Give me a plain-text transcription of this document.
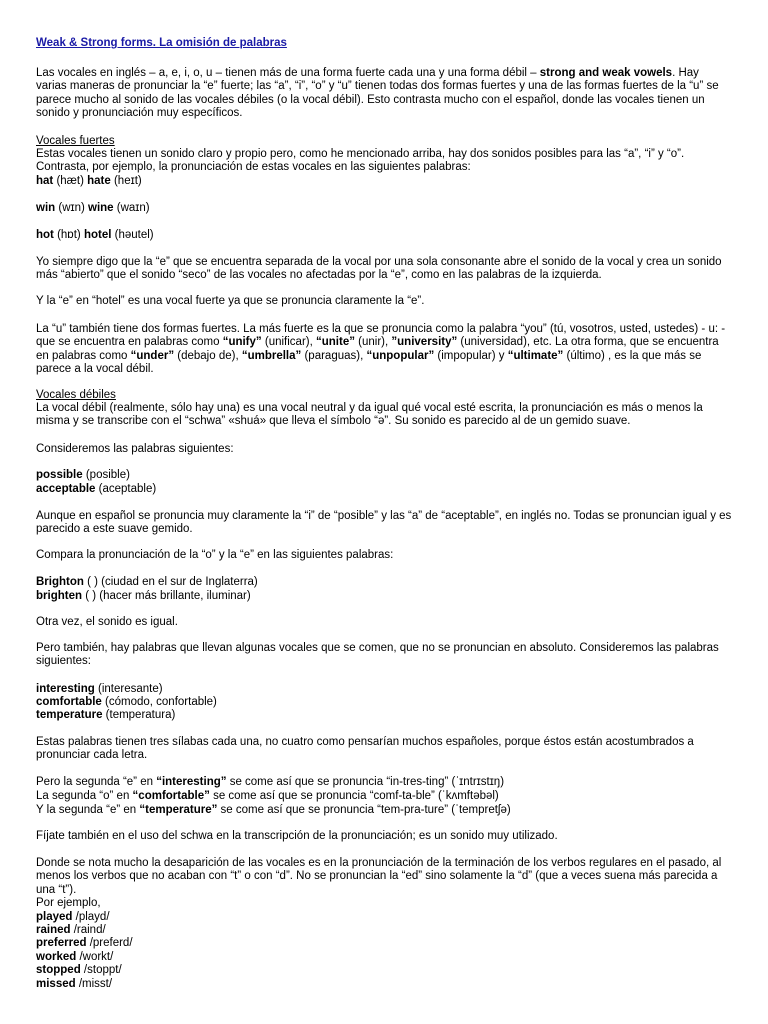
Weak & Strong forms. La omisión de palabras

Las vocales en inglés – a, e, i, o, u – tienen más de una forma fuerte cada una y una forma débil – strong and weak vowels. Hay varias maneras de pronunciar la “e” fuerte; las “a”, “i”, “o” y “u” tienen todas dos formas fuertes y una de las formas fuertes de la “u” se parece mucho al sonido de las vocales débiles (o la vocal débil). Esto contrasta mucho con el español, donde las vocales tienen un sonido y pronunciación muy específicos.

Vocales fuertes

Estas vocales tienen un sonido claro y propio pero, como he mencionado arriba, hay dos sonidos posibles para las “a”, “i” y “o”. Contrasta, por ejemplo, la pronunciación de estas vocales en las siguientes palabras:

hat (hæt) hate (heɪt)
win (wɪn) wine (waɪn)
hot (hɒt) hotel (həutel)

Yo siempre digo que la “e” que se encuentra separada de la vocal por una sola consonante abre el sonido de la vocal y crea un sonido más “abierto” que el sonido “seco” de las vocales no afectadas por la “e”, como en las palabras de la izquierda.

Y la “e” en “hotel” es una vocal fuerte ya que se pronuncia claramente la “e”.

La “u” también tiene dos formas fuertes. La más fuerte es la que se pronuncia como la palabra “you” (tú, vosotros, usted, ustedes) - u: - que se encuentra en palabras como “unify” (unificar), “unite” (unir), ”university” (universidad), etc. La otra forma, que se encuentra en palabras como “under” (debajo de), “umbrella” (paraguas), “unpopular” (impopular) y “ultimate” (último) , es la que más se parece a la vocal débil.

Vocales débiles

La vocal débil (realmente, sólo hay una) es una vocal neutral y da igual qué vocal esté escrita, la pronunciación es más o menos la misma y se transcribe con el “schwa” «shuá» que lleva el símbolo “ə”. Su sonido es parecido al de un gemido suave.

Consideremos las palabras siguientes:

possible (posible)
acceptable (aceptable)

Aunque en español se pronuncia muy claramente la “i” de “posible” y las “a” de “aceptable”, en inglés no. Todas se pronuncian igual y es parecido a este suave gemido.

Compara la pronunciación de la “o” y la “e” en las siguientes palabras:

Brighton ( ) (ciudad en el sur de Inglaterra)
brighten ( ) (hacer más brillante, iluminar)

Otra vez, el sonido es igual.

Pero también, hay palabras que llevan algunas vocales que se comen, que no se pronuncian en absoluto. Consideremos las palabras siguientes:

interesting (interesante)
comfortable (cómodo, confortable)
temperature (temperatura)

Estas palabras tienen tres sílabas cada una, no cuatro como pensarían muchos españoles, porque éstos están acostumbrados a pronunciar cada letra.

Pero la segunda “e” en “interesting” se come así que se pronuncia “in-tres-ting” (ˈɪntrɪstɪŋ)
La segunda “o” en “comfortable” se come así que se pronuncia “comf-ta-ble” (ˈkʌmftəbəl)
Y la segunda “e” en “temperature” se come así que se pronuncia “tem-pra-ture” (ˈtempretʃə)

Fíjate también en el uso del schwa en la transcripción de la pronunciación; es un sonido muy utilizado.

Donde se nota mucho la desaparición de las vocales es en la pronunciación de la terminación de los verbos regulares en el pasado, al menos los verbos que no acaban con “t” o con “d”. No se pronuncian la “ed” sino solamente la “d” (que a veces suena más parecida a una “t”).

Por ejemplo,
played /playd/
rained /raind/
preferred /preferd/
worked /workt/
stopped /stoppt/
missed /misst/
